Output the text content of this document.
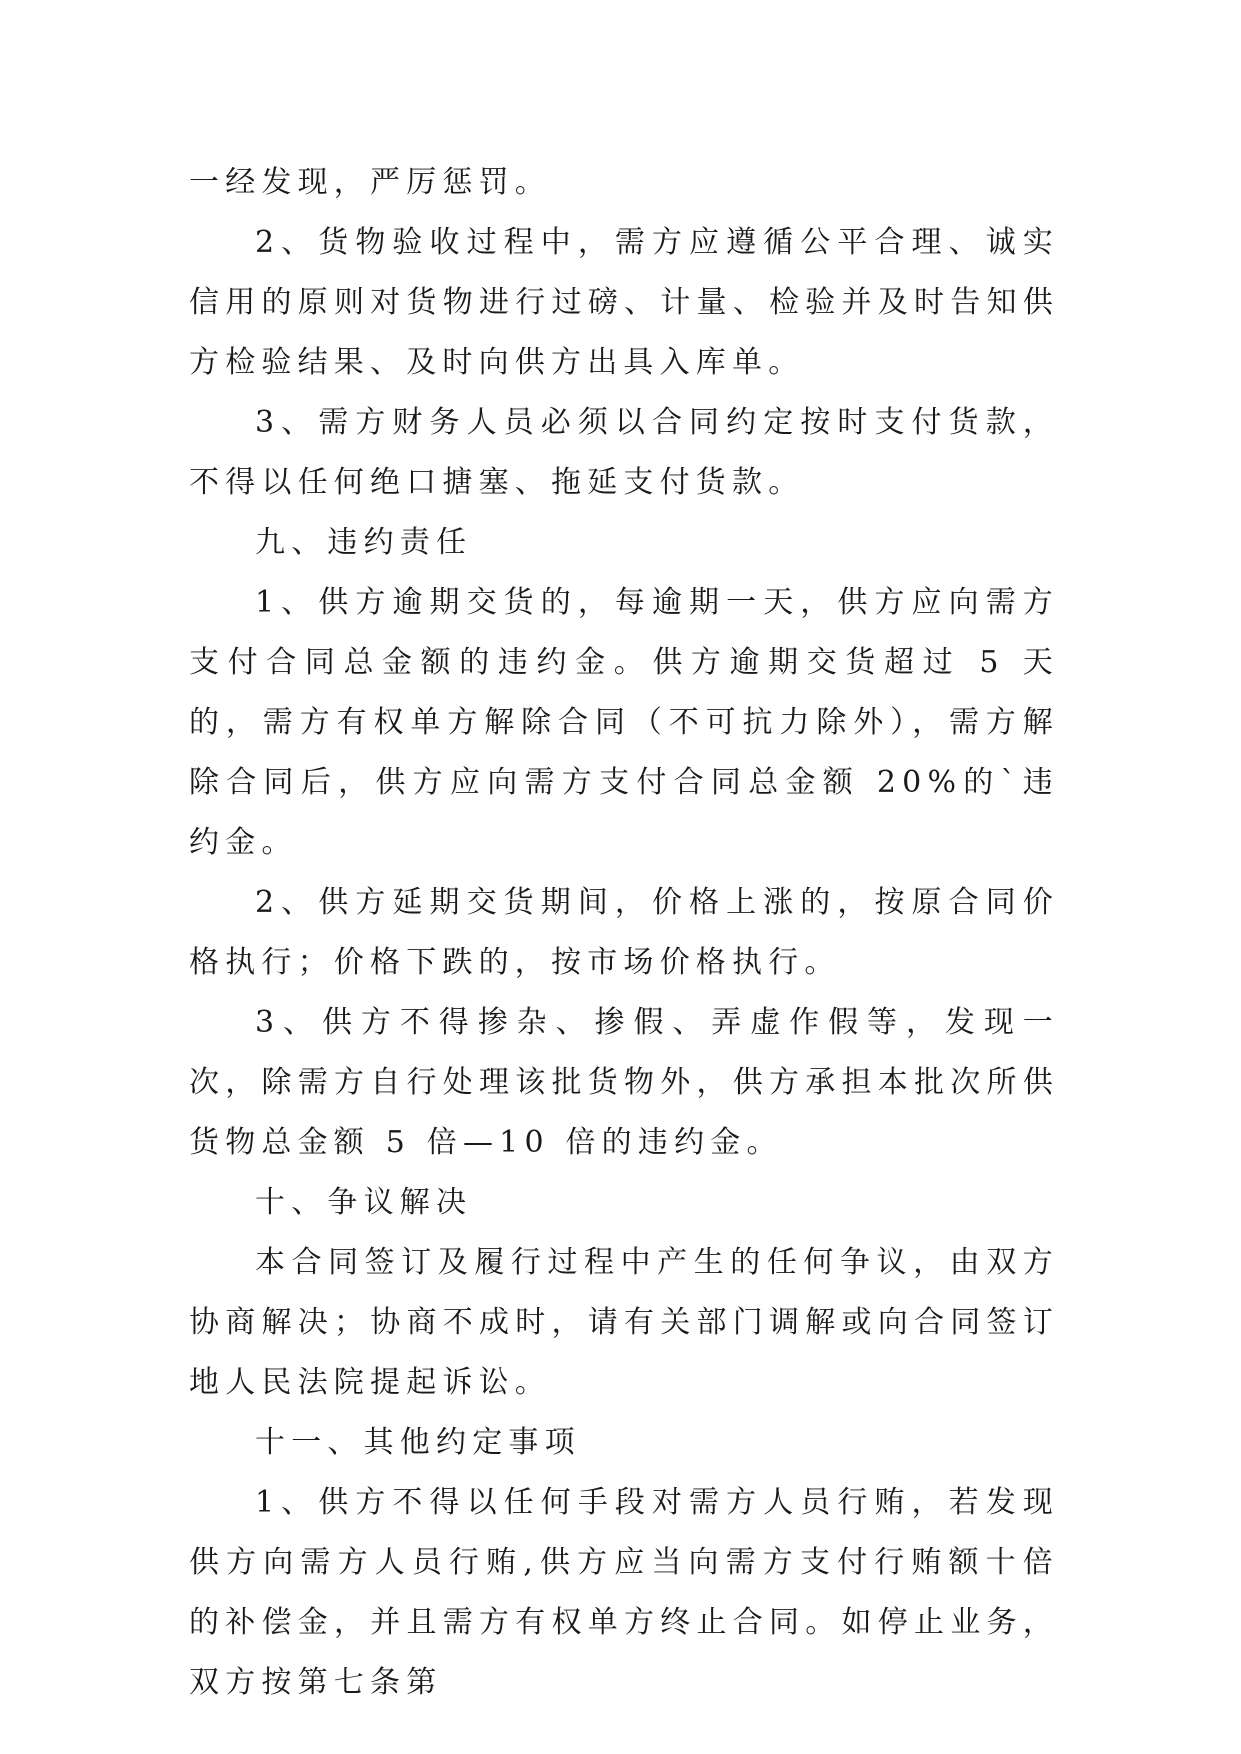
一经发现，严厉惩罚。

2、货物验收过程中，需方应遵循公平合理、诚实信用的原则对货物进行过磅、计量、检验并及时告知供方检验结果、及时向供方出具入库单。

3、需方财务人员必须以合同约定按时支付货款，不得以任何绝口搪塞、拖延支付货款。

九、违约责任

1、供方逾期交货的，每逾期一天，供方应向需方支付合同总金额的违约金。供方逾期交货超过 5 天的，需方有权单方解除合同（不可抗力除外），需方解除合同后，供方应向需方支付合同总金额 20%的`违约金。

2、供方延期交货期间，价格上涨的，按原合同价格执行；价格下跌的，按市场价格执行。

3、供方不得掺杂、掺假、弄虚作假等，发现一次，除需方自行处理该批货物外，供方承担本批次所供货物总金额 5 倍—10 倍的违约金。

十、争议解决

本合同签订及履行过程中产生的任何争议，由双方协商解决；协商不成时，请有关部门调解或向合同签订地人民法院提起诉讼。

十一、其他约定事项

1、供方不得以任何手段对需方人员行贿，若发现供方向需方人员行贿,供方应当向需方支付行贿额十倍的补偿金，并且需方有权单方终止合同。如停止业务，双方按第七条第
